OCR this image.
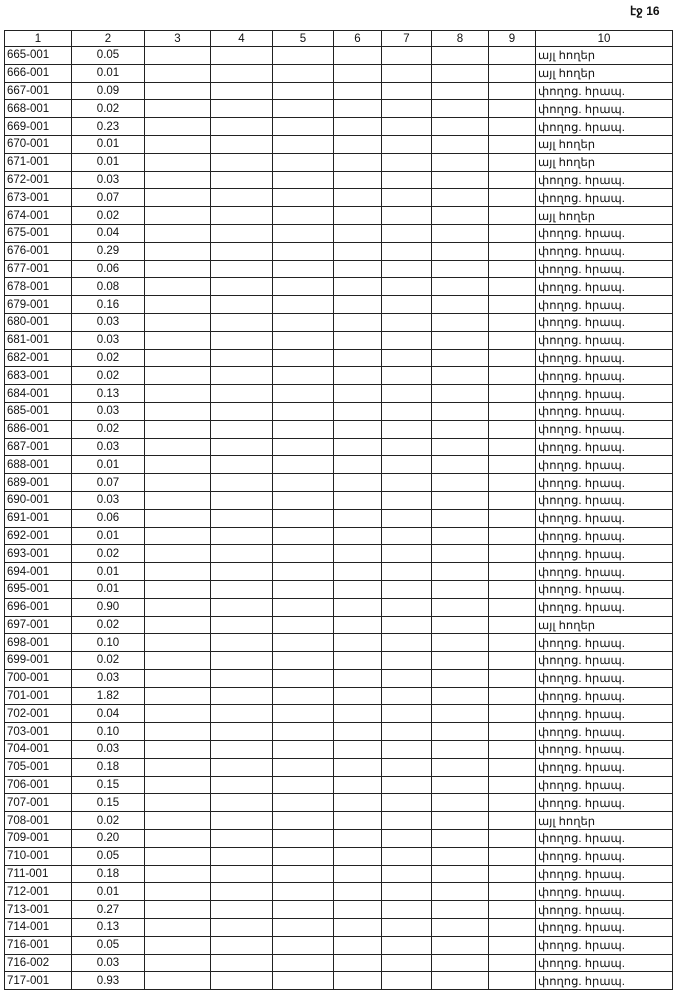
էջ 16
1	2	3	4	5	6	7	8	9	10
665-001	0.05								այլ հողեր
666-001	0.01								այլ հողեր
667-001	0.09								փողոց. հրապ.
668-001	0.02								փողոց. հրապ.
669-001	0.23								փողոց. հրապ.
670-001	0.01								այլ հողեր
671-001	0.01								այլ հողեր
672-001	0.03								փողոց. հրապ.
673-001	0.07								փողոց. հրապ.
674-001	0.02								այլ հողեր
675-001	0.04								փողոց. հրապ.
676-001	0.29								փողոց. հրապ.
677-001	0.06								փողոց. հրապ.
678-001	0.08								փողոց. հրապ.
679-001	0.16								փողոց. հրապ.
680-001	0.03								փողոց. հրապ.
681-001	0.03								փողոց. հրապ.
682-001	0.02								փողոց. հրապ.
683-001	0.02								փողոց. հրապ.
684-001	0.13								փողոց. հրապ.
685-001	0.03								փողոց. հրապ.
686-001	0.02								փողոց. հրապ.
687-001	0.03								փողոց. հրապ.
688-001	0.01								փողոց. հրապ.
689-001	0.07								փողոց. հրապ.
690-001	0.03								փողոց. հրապ.
691-001	0.06								փողոց. հրապ.
692-001	0.01								փողոց. հրապ.
693-001	0.02								փողոց. հրապ.
694-001	0.01								փողոց. հրապ.
695-001	0.01								փողոց. հրապ.
696-001	0.90								փողոց. հրապ.
697-001	0.02								այլ հողեր
698-001	0.10								փողոց. հրապ.
699-001	0.02								փողոց. հրապ.
700-001	0.03								փողոց. հրապ.
701-001	1.82								փողոց. հրապ.
702-001	0.04								փողոց. հրապ.
703-001	0.10								փողոց. հրապ.
704-001	0.03								փողոց. հրապ.
705-001	0.18								փողոց. հրապ.
706-001	0.15								փողոց. հրապ.
707-001	0.15								փողոց. հրապ.
708-001	0.02								այլ հողեր
709-001	0.20								փողոց. հրապ.
710-001	0.05								փողոց. հրապ.
711-001	0.18								փողոց. հրապ.
712-001	0.01								փողոց. հրապ.
713-001	0.27								փողոց. հրապ.
714-001	0.13								փողոց. հրապ.
716-001	0.05								փողոց. հրապ.
716-002	0.03								փողոց. հրապ.
717-001	0.93								փողոց. հրապ.
